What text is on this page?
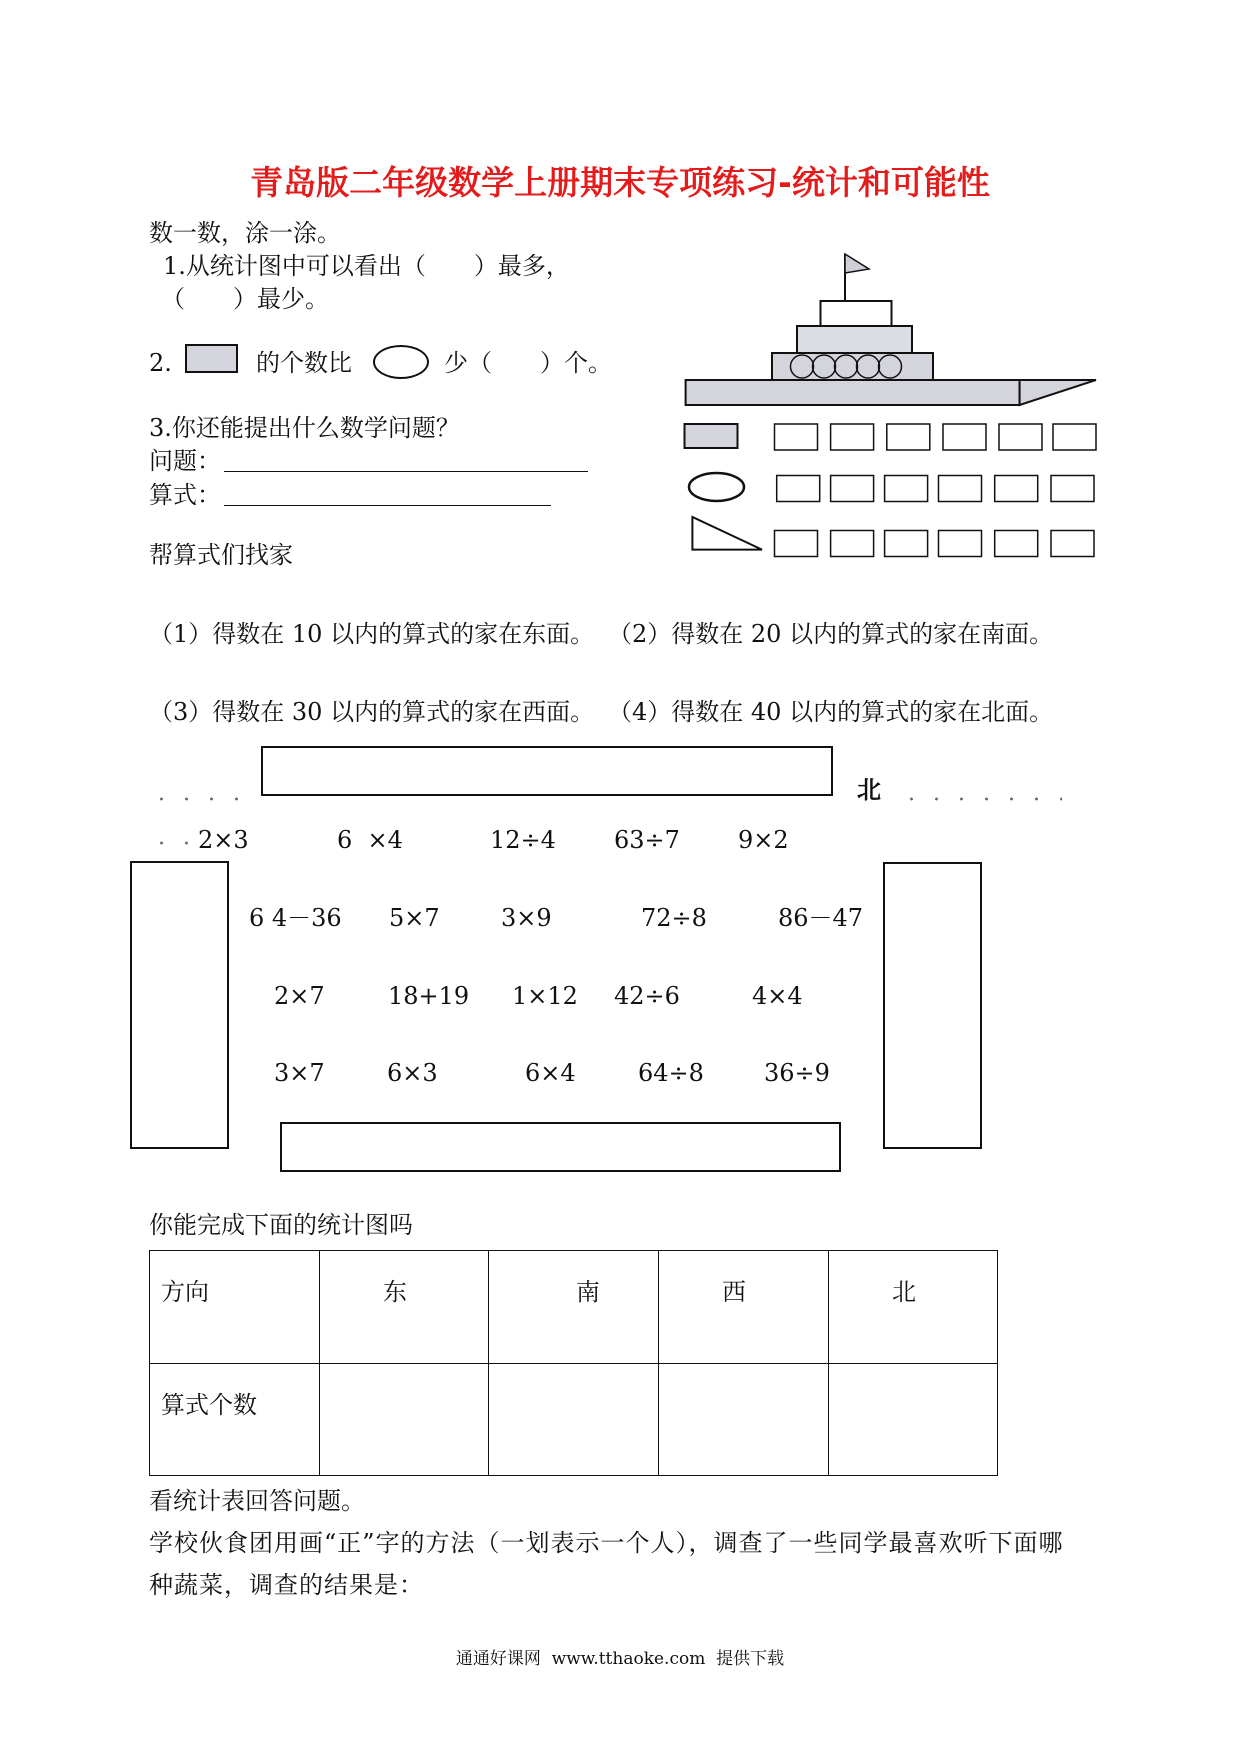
青岛版二年级数学上册期末专项练习-统计和可能性
数一数，涂一涂。
1.从统计图中可以看出（　　）最多，
（　　）最少。
2.	的个数比	少（　　）个。
3.你还能提出什么数学问题？
问题：
算式：
帮算式们找家
（1）得数在 10 以内的算式的家在东面。 （2）得数在 20 以内的算式的家在南面。
（3）得数在 30 以内的算式的家在西面。 （4）得数在 40 以内的算式的家在北面。
北
2×3	6  ×4	12÷4 63÷7 9×2
6 4－36 5×7	3×9	72÷8	86－47
2×7	18+19 1×12 42÷6	4×4
3×7	6×3	6×4	64÷8	36÷9
你能完成下面的统计图吗
方向	东	南	西	北
算式个数				
看统计表回答问题。
学校伙食团用画“正”字的方法（一划表示一个人），调查了一些同学最喜欢听下面哪
种蔬菜，调查的结果是：
通通好课网  www.tthaoke.com  提供下载
